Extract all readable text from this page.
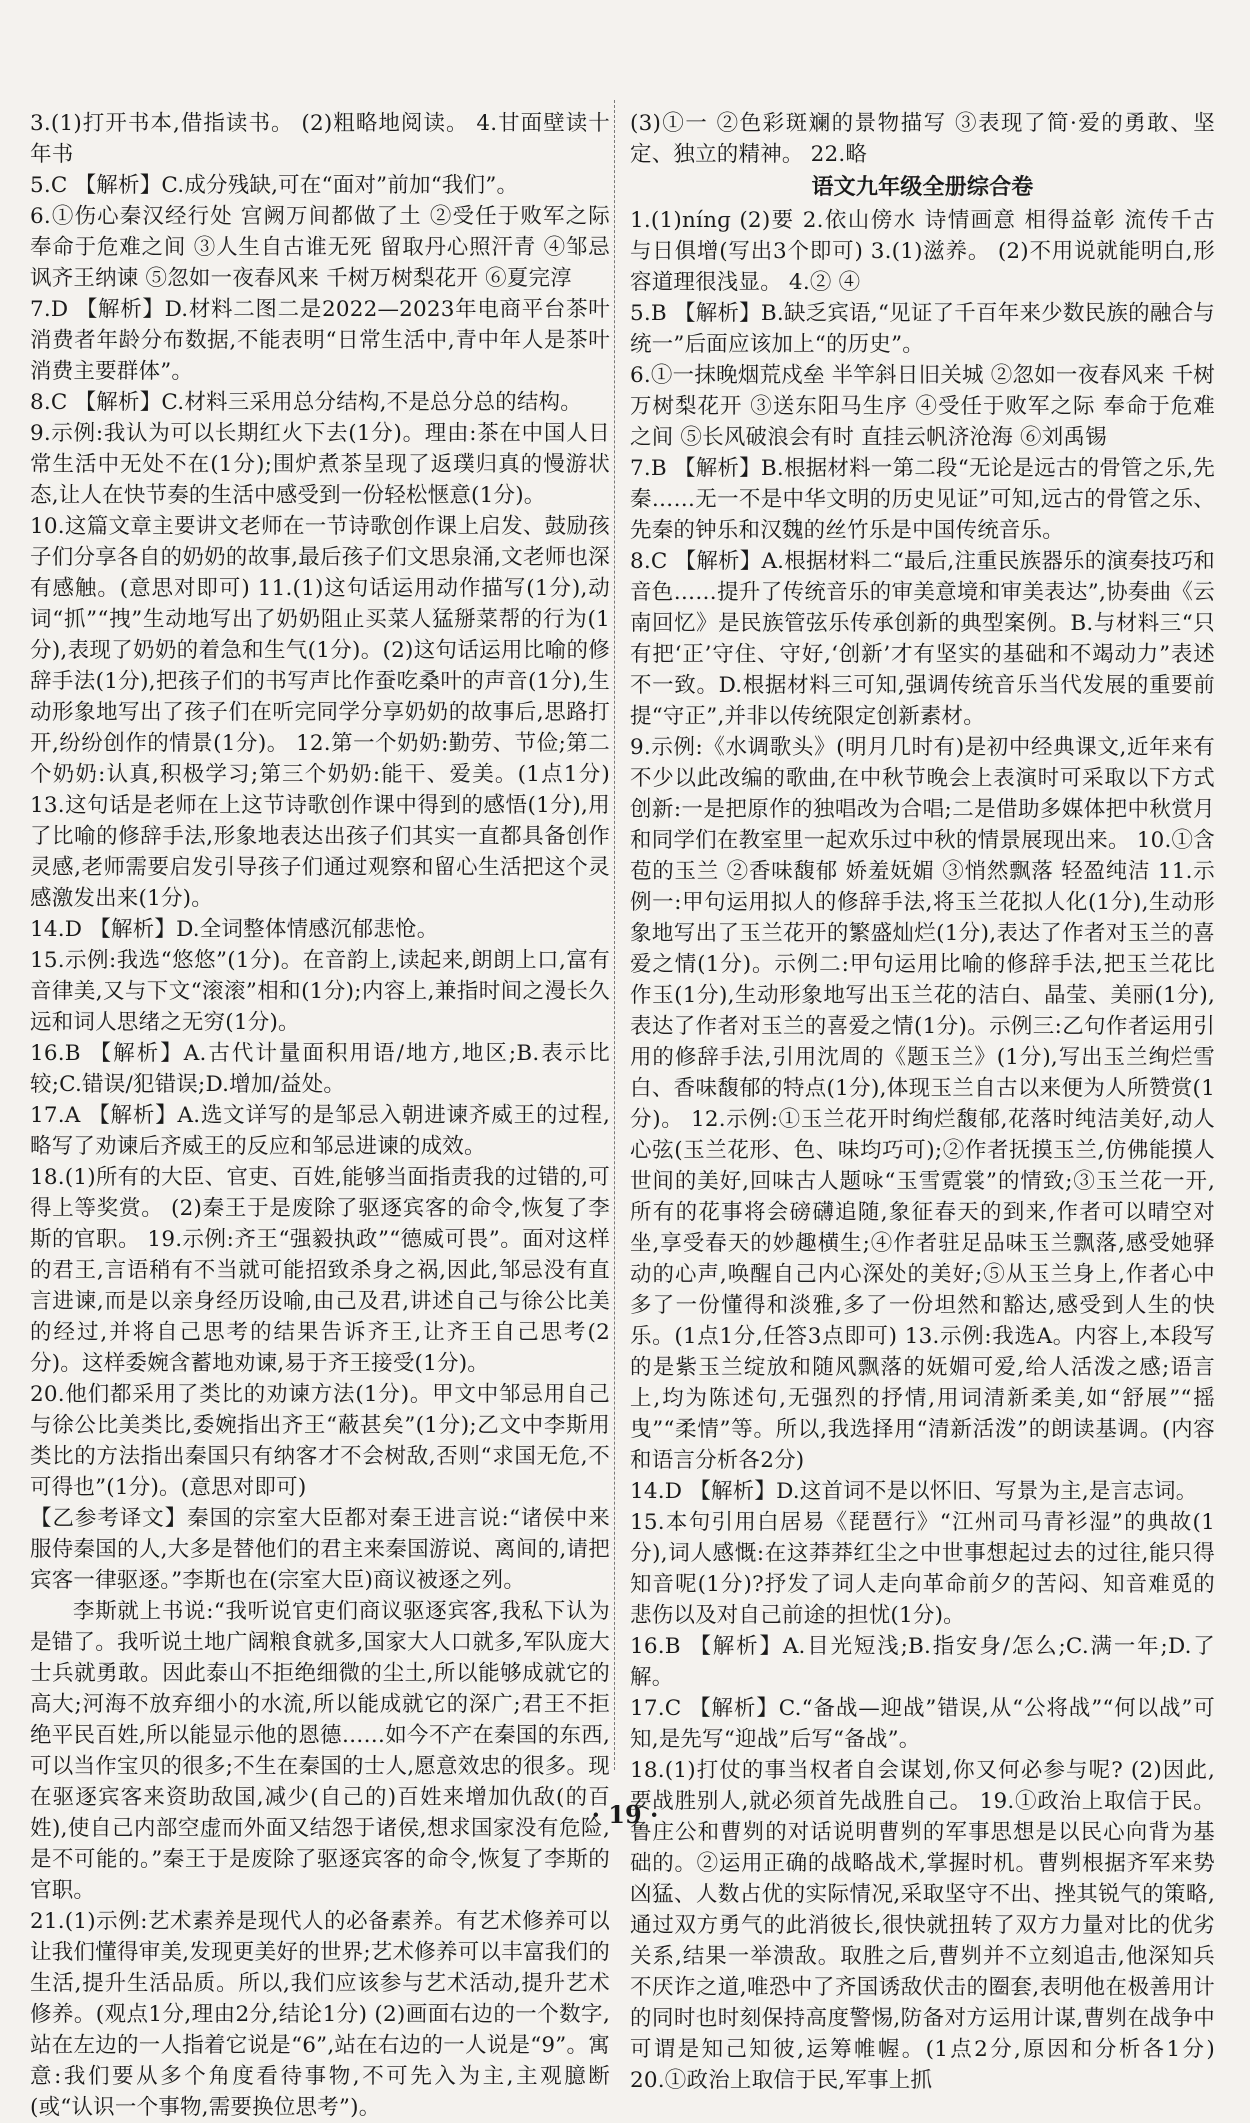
3.(1)打开书本,借指读书。 (2)粗略地阅读。 4.甘面壁读十年书

5.C 【解析】C.成分残缺,可在“面对”前加“我们”。

6.①伤心秦汉经行处 宫阙万间都做了土 ②受任于败军之际 奉命于危难之间 ③人生自古谁无死 留取丹心照汗青 ④邹忌讽齐王纳谏 ⑤忽如一夜春风来 千树万树梨花开 ⑥夏完淳

7.D 【解析】D.材料二图二是2022—2023年电商平台茶叶消费者年龄分布数据,不能表明“日常生活中,青中年人是茶叶消费主要群体”。

8.C 【解析】C.材料三采用总分结构,不是总分总的结构。

9.示例:我认为可以长期红火下去(1分)。理由:茶在中国人日常生活中无处不在(1分);围炉煮茶呈现了返璞归真的慢游状态,让人在快节奏的生活中感受到一份轻松惬意(1分)。

10.这篇文章主要讲文老师在一节诗歌创作课上启发、鼓励孩子们分享各自的奶奶的故事,最后孩子们文思泉涌,文老师也深有感触。(意思对即可) 11.(1)这句话运用动作描写(1分),动词“抓”“拽”生动地写出了奶奶阻止买菜人猛掰菜帮的行为(1分),表现了奶奶的着急和生气(1分)。(2)这句话运用比喻的修辞手法(1分),把孩子们的书写声比作蚕吃桑叶的声音(1分),生动形象地写出了孩子们在听完同学分享奶奶的故事后,思路打开,纷纷创作的情景(1分)。 12.第一个奶奶:勤劳、节俭;第二个奶奶:认真,积极学习;第三个奶奶:能干、爱美。(1点1分) 13.这句话是老师在上这节诗歌创作课中得到的感悟(1分),用了比喻的修辞手法,形象地表达出孩子们其实一直都具备创作灵感,老师需要启发引导孩子们通过观察和留心生活把这个灵感激发出来(1分)。

14.D 【解析】D.全词整体情感沉郁悲怆。

15.示例:我选“悠悠”(1分)。在音韵上,读起来,朗朗上口,富有音律美,又与下文“滚滚”相和(1分);内容上,兼指时间之漫长久远和词人思绪之无穷(1分)。

16.B 【解析】A.古代计量面积用语/地方,地区;B.表示比较;C.错误/犯错误;D.增加/益处。

17.A 【解析】A.选文详写的是邹忌入朝进谏齐威王的过程,略写了劝谏后齐威王的反应和邹忌进谏的成效。

18.(1)所有的大臣、官吏、百姓,能够当面指责我的过错的,可得上等奖赏。 (2)秦王于是废除了驱逐宾客的命令,恢复了李斯的官职。 19.示例:齐王“强毅执政”“德威可畏”。面对这样的君王,言语稍有不当就可能招致杀身之祸,因此,邹忌没有直言进谏,而是以亲身经历设喻,由己及君,讲述自己与徐公比美的经过,并将自己思考的结果告诉齐王,让齐王自己思考(2分)。这样委婉含蓄地劝谏,易于齐王接受(1分)。

20.他们都采用了类比的劝谏方法(1分)。甲文中邹忌用自己与徐公比美类比,委婉指出齐王“蔽甚矣”(1分);乙文中李斯用类比的方法指出秦国只有纳客才不会树敌,否则“求国无危,不可得也”(1分)。(意思对即可)

【乙参考译文】秦国的宗室大臣都对秦王进言说:“诸侯中来服侍秦国的人,大多是替他们的君主来秦国游说、离间的,请把宾客一律驱逐。”李斯也在(宗室大臣)商议被逐之列。

李斯就上书说:“我听说官吏们商议驱逐宾客,我私下认为是错了。我听说土地广阔粮食就多,国家大人口就多,军队庞大士兵就勇敢。因此泰山不拒绝细微的尘土,所以能够成就它的高大;河海不放弃细小的水流,所以能成就它的深广;君王不拒绝平民百姓,所以能显示他的恩德……如今不产在秦国的东西,可以当作宝贝的很多;不生在秦国的士人,愿意效忠的很多。现在驱逐宾客来资助敌国,减少(自己的)百姓来增加仇敌(的百姓),使自己内部空虚而外面又结怨于诸侯,想求国家没有危险,是不可能的。”秦王于是废除了驱逐宾客的命令,恢复了李斯的官职。

21.(1)示例:艺术素养是现代人的必备素养。有艺术修养可以让我们懂得审美,发现更美好的世界;艺术修养可以丰富我们的生活,提升生活品质。所以,我们应该参与艺术活动,提升艺术修养。(观点1分,理由2分,结论1分) (2)画面右边的一个数字,站在左边的一人指着它说是“6”,站在右边的一人说是“9”。寓意:我们要从多个角度看待事物,不可先入为主,主观臆断(或“认识一个事物,需要换位思考”)。

(3)①一 ②色彩斑斓的景物描写 ③表现了简·爱的勇敢、坚定、独立的精神。 22.略

语文九年级全册综合卷

1.(1)nínɡ (2)要 2.依山傍水 诗情画意 相得益彰 流传千古 与日俱增(写出3个即可) 3.(1)滋养。 (2)不用说就能明白,形容道理很浅显。 4.② ④

5.B 【解析】B.缺乏宾语,“见证了千百年来少数民族的融合与统一”后面应该加上“的历史”。

6.①一抹晚烟荒戍垒 半竿斜日旧关城 ②忽如一夜春风来 千树万树梨花开 ③送东阳马生序 ④受任于败军之际 奉命于危难之间 ⑤长风破浪会有时 直挂云帆济沧海 ⑥刘禹锡

7.B 【解析】B.根据材料一第二段“无论是远古的骨管之乐,先秦……无一不是中华文明的历史见证”可知,远古的骨管之乐、先秦的钟乐和汉魏的丝竹乐是中国传统音乐。

8.C 【解析】A.根据材料二“最后,注重民族器乐的演奏技巧和音色……提升了传统音乐的审美意境和审美表达”,协奏曲《云南回忆》是民族管弦乐传承创新的典型案例。B.与材料三“只有把‘正’守住、守好,‘创新’才有坚实的基础和不竭动力”表述不一致。D.根据材料三可知,强调传统音乐当代发展的重要前提“守正”,并非以传统限定创新素材。

9.示例:《水调歌头》(明月几时有)是初中经典课文,近年来有不少以此改编的歌曲,在中秋节晚会上表演时可采取以下方式创新:一是把原作的独唱改为合唱;二是借助多媒体把中秋赏月和同学们在教室里一起欢乐过中秋的情景展现出来。 10.①含苞的玉兰 ②香味馥郁 娇羞妩媚 ③悄然飘落 轻盈纯洁 11.示例一:甲句运用拟人的修辞手法,将玉兰花拟人化(1分),生动形象地写出了玉兰花开的繁盛灿烂(1分),表达了作者对玉兰的喜爱之情(1分)。示例二:甲句运用比喻的修辞手法,把玉兰花比作玉(1分),生动形象地写出玉兰花的洁白、晶莹、美丽(1分),表达了作者对玉兰的喜爱之情(1分)。示例三:乙句作者运用引用的修辞手法,引用沈周的《题玉兰》(1分),写出玉兰绚烂雪白、香味馥郁的特点(1分),体现玉兰自古以来便为人所赞赏(1分)。 12.示例:①玉兰花开时绚烂馥郁,花落时纯洁美好,动人心弦(玉兰花形、色、味均巧可);②作者抚摸玉兰,仿佛能摸人世间的美好,回味古人题咏“玉雪霓裳”的情致;③玉兰花一开,所有的花事将会磅礴追随,象征春天的到来,作者可以晴空对坐,享受春天的妙趣横生;④作者驻足品味玉兰飘落,感受她驿动的心声,唤醒自己内心深处的美好;⑤从玉兰身上,作者心中多了一份懂得和淡雅,多了一份坦然和豁达,感受到人生的快乐。(1点1分,任答3点即可) 13.示例:我选A。内容上,本段写的是紫玉兰绽放和随风飘落的妩媚可爱,给人活泼之感;语言上,均为陈述句,无强烈的抒情,用词清新柔美,如“舒展”“摇曳”“柔情”等。所以,我选择用“清新活泼”的朗读基调。(内容和语言分析各2分)

14.D 【解析】D.这首词不是以怀旧、写景为主,是言志词。

15.本句引用白居易《琵琶行》“江州司马青衫湿”的典故(1分),词人感慨:在这莽莽红尘之中世事想起过去的过往,能只得知音呢(1分)?抒发了词人走向革命前夕的苦闷、知音难觅的悲伤以及对自己前途的担忧(1分)。

16.B 【解析】A.目光短浅;B.指安身/怎么;C.满一年;D.了解。

17.C 【解析】C.“备战—迎战”错误,从“公将战”“何以战”可知,是先写“迎战”后写“备战”。

18.(1)打仗的事当权者自会谋划,你又何必参与呢? (2)因此,要战胜别人,就必须首先战胜自己。 19.①政治上取信于民。鲁庄公和曹刿的对话说明曹刿的军事思想是以民心向背为基础的。②运用正确的战略战术,掌握时机。曹刿根据齐军来势凶猛、人数占优的实际情况,采取坚守不出、挫其锐气的策略,通过双方勇气的此消彼长,很快就扭转了双方力量对比的优劣关系,结果一举溃敌。取胜之后,曹刿并不立刻追击,他深知兵不厌诈之道,唯恐中了齐国诱敌伏击的圈套,表明他在极善用计的同时也时刻保持高度警惕,防备对方运用计谋,曹刿在战争中可谓是知己知彼,运筹帷幄。(1点2分,原因和分析各1分) 20.①政治上取信于民,军事上抓

· 19 ·
